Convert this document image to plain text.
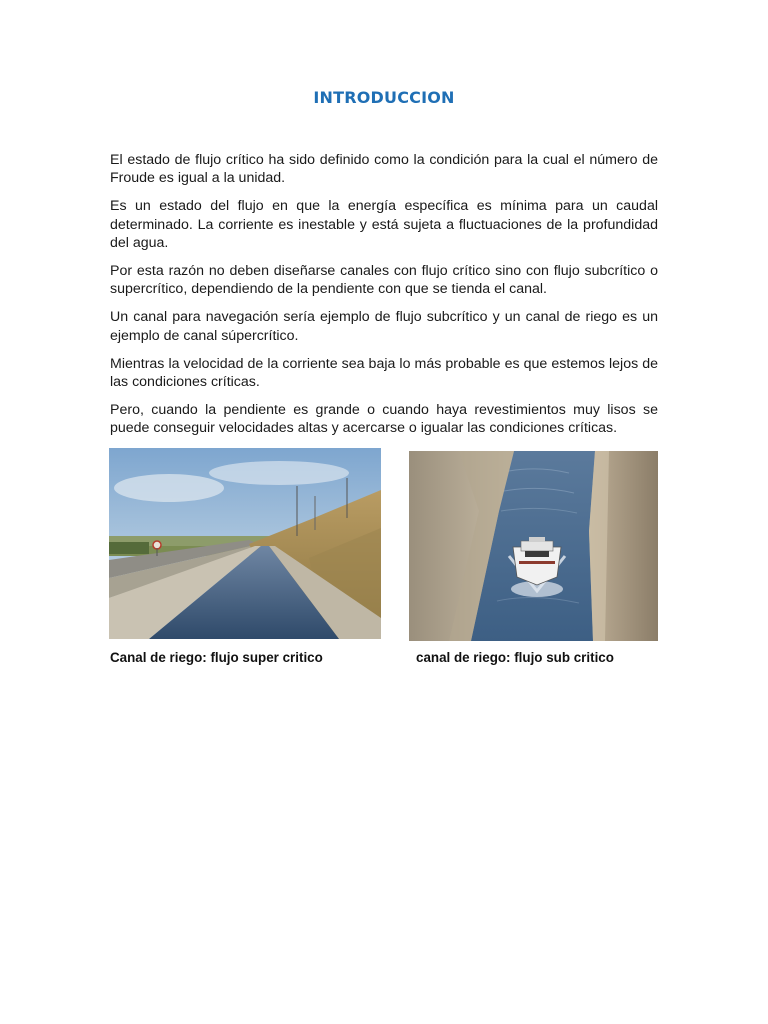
INTRODUCCION

El estado de flujo crítico ha sido definido como la condición para la cual el número de Froude es igual a la unidad.

Es un estado del flujo en que la energía específica es mínima para un caudal determinado. La corriente es inestable y está sujeta a fluctuaciones de la profundidad del agua.

Por esta razón no deben diseñarse canales con flujo crítico sino con flujo subcrítico o supercrítico, dependiendo de la pendiente con que se tienda el canal.

Un canal para navegación sería ejemplo de flujo subcrítico y un canal de riego es un ejemplo de canal súpercrítico.

Mientras la velocidad de la corriente sea baja lo más probable es que estemos lejos de las condiciones críticas.

Pero, cuando la pendiente es grande o cuando haya revestimientos muy lisos se puede conseguir velocidades altas y acercarse o igualar las condiciones críticas.

Canal de riego: flujo super critico	canal de riego: flujo sub critico
